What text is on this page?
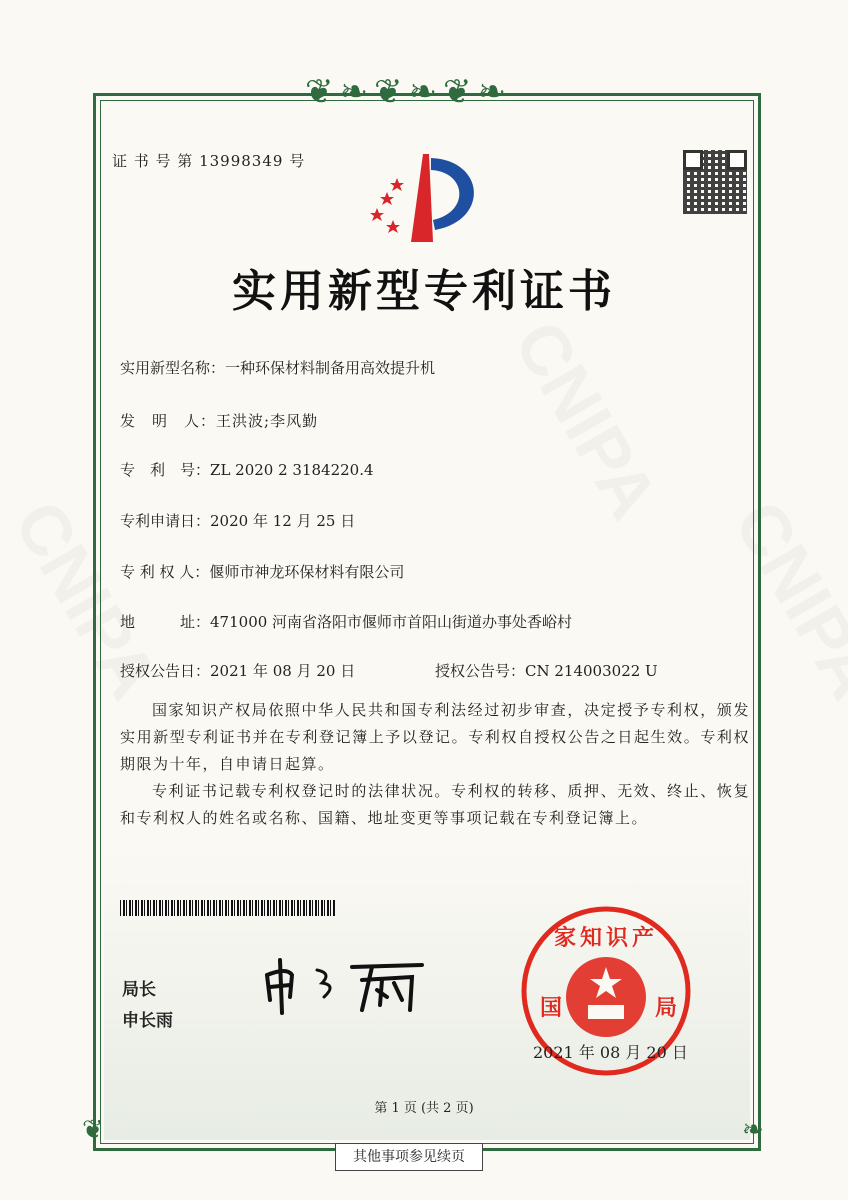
❦❧❦❧❦❧
❦	❧
证 书 号 第 13998349 号
实用新型专利证书
实用新型名称：一种环保材料制备用高效提升机
发　明　人：王洪波;李风勤
专　利　号：ZL 2020 2 3184220.4
专利申请日：2020 年 12 月 25 日
专 利 权 人：偃师市神龙环保材料有限公司
地　　　址：471000 河南省洛阳市偃师市首阳山街道办事处香峪村
授权公告日：2021 年 08 月 20 日	授权公告号：CN 214003022 U

国家知识产权局依照中华人民共和国专利法经过初步审查，决定授予专利权，颁发实用新型专利证书并在专利登记簿上予以登记。专利权自授权公告之日起生效。专利权期限为十年，自申请日起算。

专利证书记载专利权登记时的法律状况。专利权的转移、质押、无效、终止、恢复和专利权人的姓名或名称、国籍、地址变更等事项记载在专利登记簿上。

局长
申长雨
家知识产
国	局
2021 年 08 月 20 日
第 1 页 (共 2 页)
其他事项参见续页
